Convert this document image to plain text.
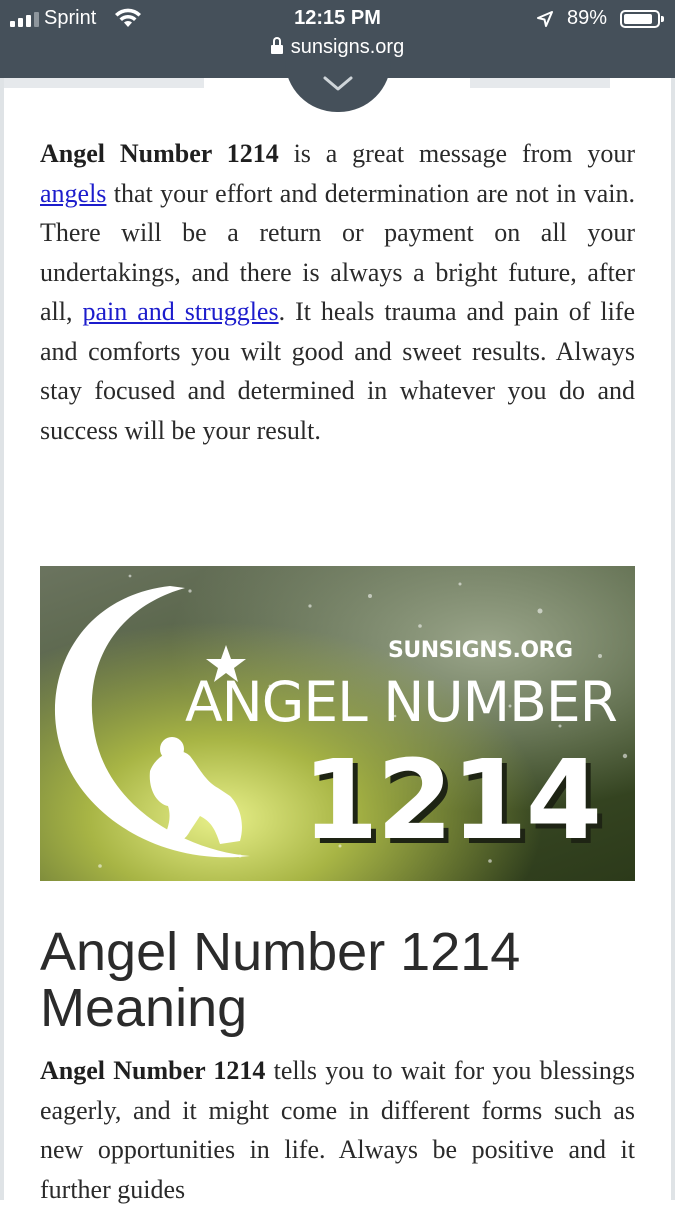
Sprint	12:15 PM	89%
sunsigns.org

Angel Number 1214 is a great message from your angels that your effort and determination are not in vain. There will be a return or payment on all your undertakings, and there is always a bright future, after all, pain and struggles. It heals trauma and pain of life and comforts you wilt good and sweet results. Always stay focused and determined in whatever you do and success will be your result.

SUNSIGNS.ORG
ANGEL NUMBER
1214
Angel Number 1214 Meaning

Angel Number 1214 tells you to wait for you blessings eagerly, and it might come in different forms such as new opportunities in life. Always be positive and it further guides
